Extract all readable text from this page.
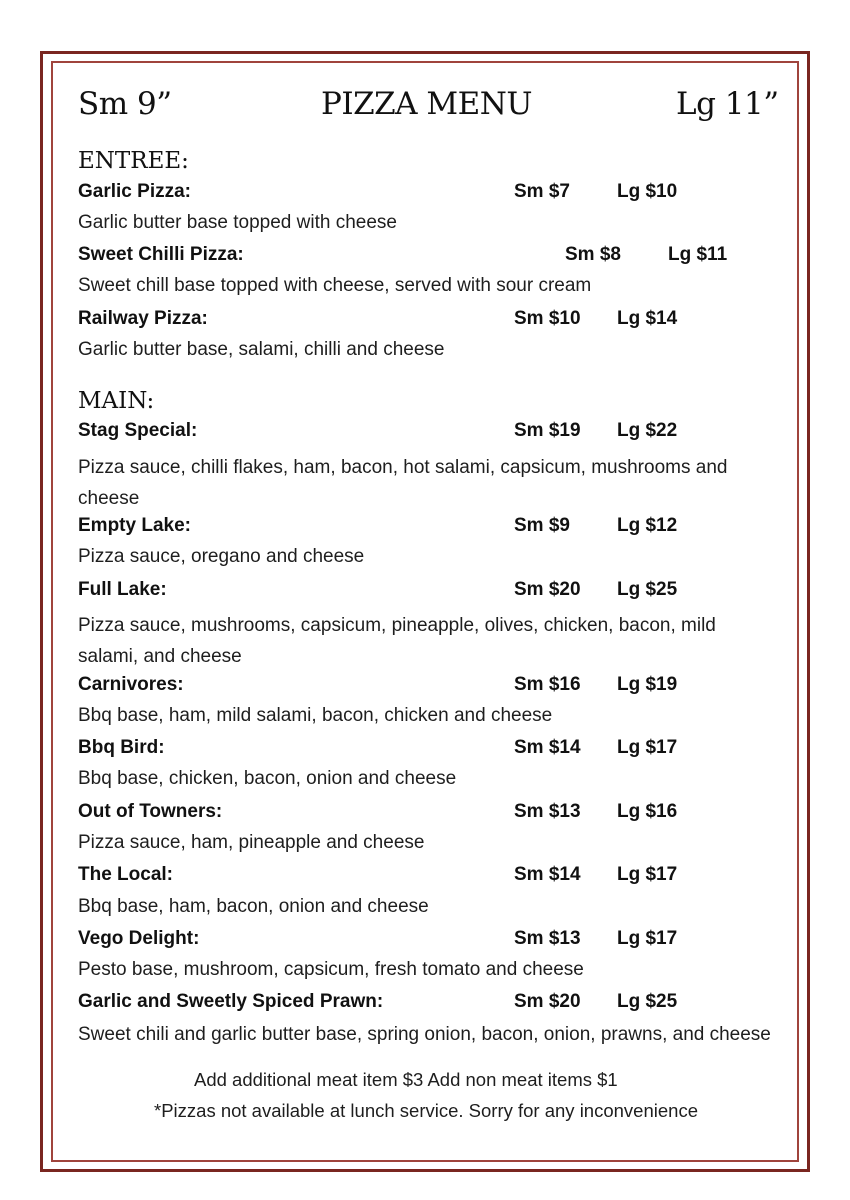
Sm 9”	PIZZA MENU	Lg 11”
ENTREE:
Garlic Pizza:	Sm $7 Lg $10
Garlic butter base topped with cheese
Sweet Chilli Pizza:	Sm $8 Lg $11
Sweet chill base topped with cheese, served with sour cream
Railway Pizza:	Sm $10 Lg $14
Garlic butter base, salami, chilli and cheese
MAIN:
Stag Special:	Sm $19 Lg $22
Pizza sauce, chilli flakes, ham, bacon, hot salami, capsicum, mushrooms and cheese
Empty Lake:	Sm $9 Lg $12
Pizza sauce, oregano and cheese
Full Lake:	Sm $20 Lg $25
Pizza sauce, mushrooms, capsicum, pineapple, olives, chicken, bacon, mild salami, and cheese
Carnivores:	Sm $16 Lg $19
Bbq base, ham, mild salami, bacon, chicken and cheese
Bbq Bird:	Sm $14 Lg $17
Bbq base, chicken, bacon, onion and cheese
Out of Towners:	Sm $13 Lg $16
Pizza sauce, ham, pineapple and cheese
The Local:	Sm $14 Lg $17
Bbq base, ham, bacon, onion and cheese
Vego Delight:	Sm $13 Lg $17
Pesto base, mushroom, capsicum, fresh tomato and cheese
Garlic and Sweetly Spiced Prawn:	Sm $20 Lg $25
Sweet chili and garlic butter base, spring onion, bacon, onion, prawns, and cheese
Add additional meat item $3 Add non meat items $1
*Pizzas not available at lunch service. Sorry for any inconvenience
